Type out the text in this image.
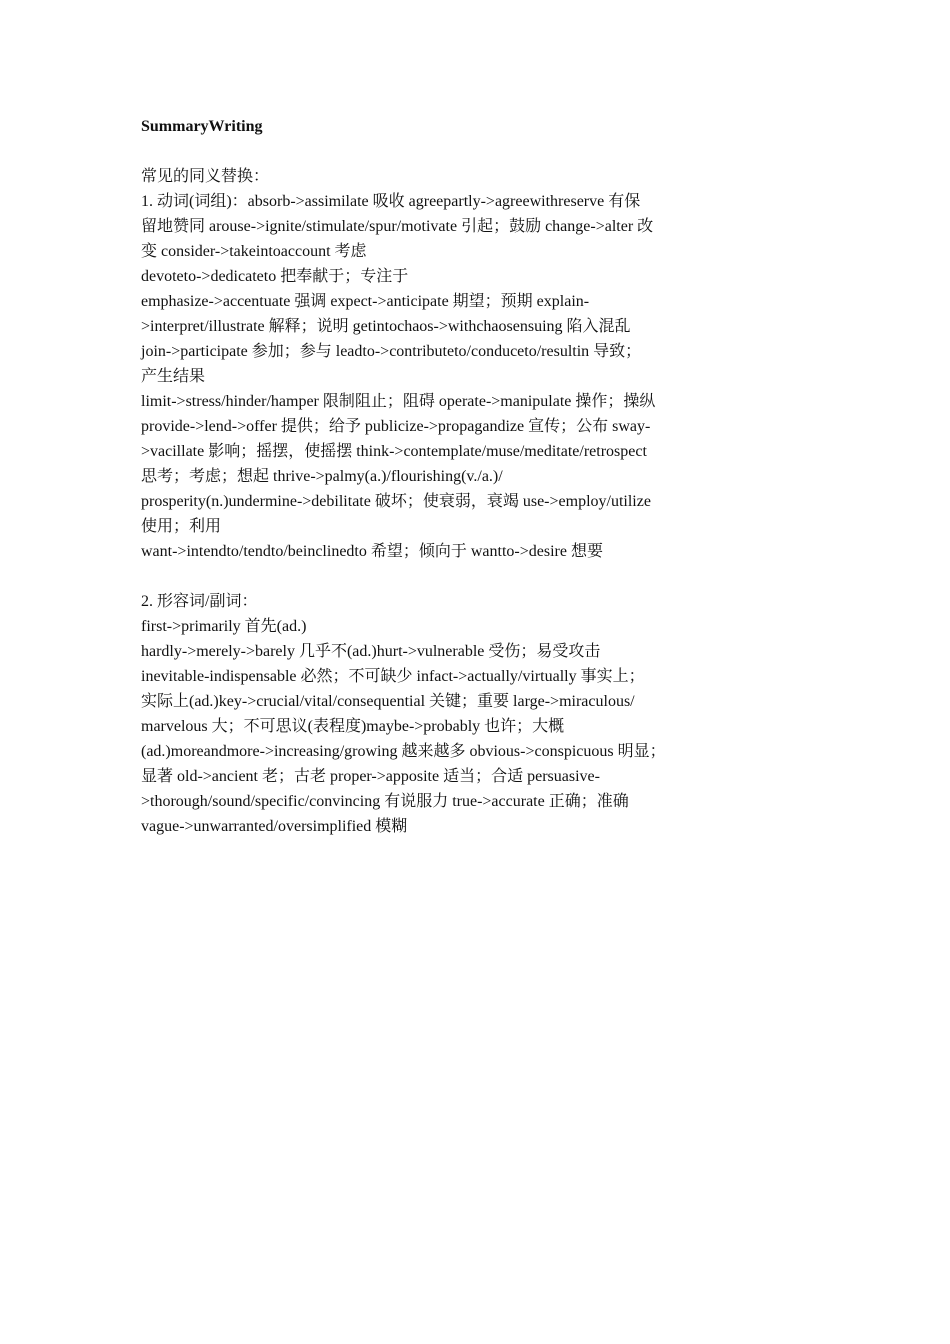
SummaryWriting

常见的同义替换：

1. 动词(词组)：absorb->assimilate 吸收 agreepartly->agreewithreserve 有保

留地赞同 arouse->ignite/stimulate/spur/motivate 引起；鼓励 change->alter 改

变 consider->takeintoaccount 考虑

devoteto->dedicateto 把奉献于；专注于

emphasize->accentuate 强调 expect->anticipate 期望；预期 explain-

>interpret/illustrate 解释；说明 getintochaos->withchaosensuing 陷入混乱

join->participate 参加；参与 leadto->contributeto/conduceto/resultin 导致；

产生结果

limit->stress/hinder/hamper 限制阻止；阻碍 operate->manipulate 操作；操纵

provide->lend->offer 提供；给予 publicize->propagandize 宣传；公布 sway-

>vacillate 影响；摇摆，使摇摆 think->contemplate/muse/meditate/retrospect

思考；考虑；想起 thrive->palmy(a.)/flourishing(v./a.)/

prosperity(n.)undermine->debilitate 破坏；使衰弱，衰竭 use->employ/utilize

使用；利用

want->intendto/tendto/beinclinedto 希望；倾向于 wantto->desire 想要

2. 形容词/副词：

first->primarily 首先(ad.)

hardly->merely->barely 几乎不(ad.)hurt->vulnerable 受伤；易受攻击

inevitable-indispensable 必然；不可缺少 infact->actually/virtually 事实上；

实际上(ad.)key->crucial/vital/consequential 关键；重要 large->miraculous/

marvelous 大；不可思议(表程度)maybe->probably 也许；大概

(ad.)moreandmore->increasing/growing 越来越多 obvious->conspicuous 明显；

显著 old->ancient 老；古老 proper->apposite 适当；合适 persuasive-

>thorough/sound/specific/convincing 有说服力 true->accurate 正确；准确

vague->unwarranted/oversimplified 模糊
